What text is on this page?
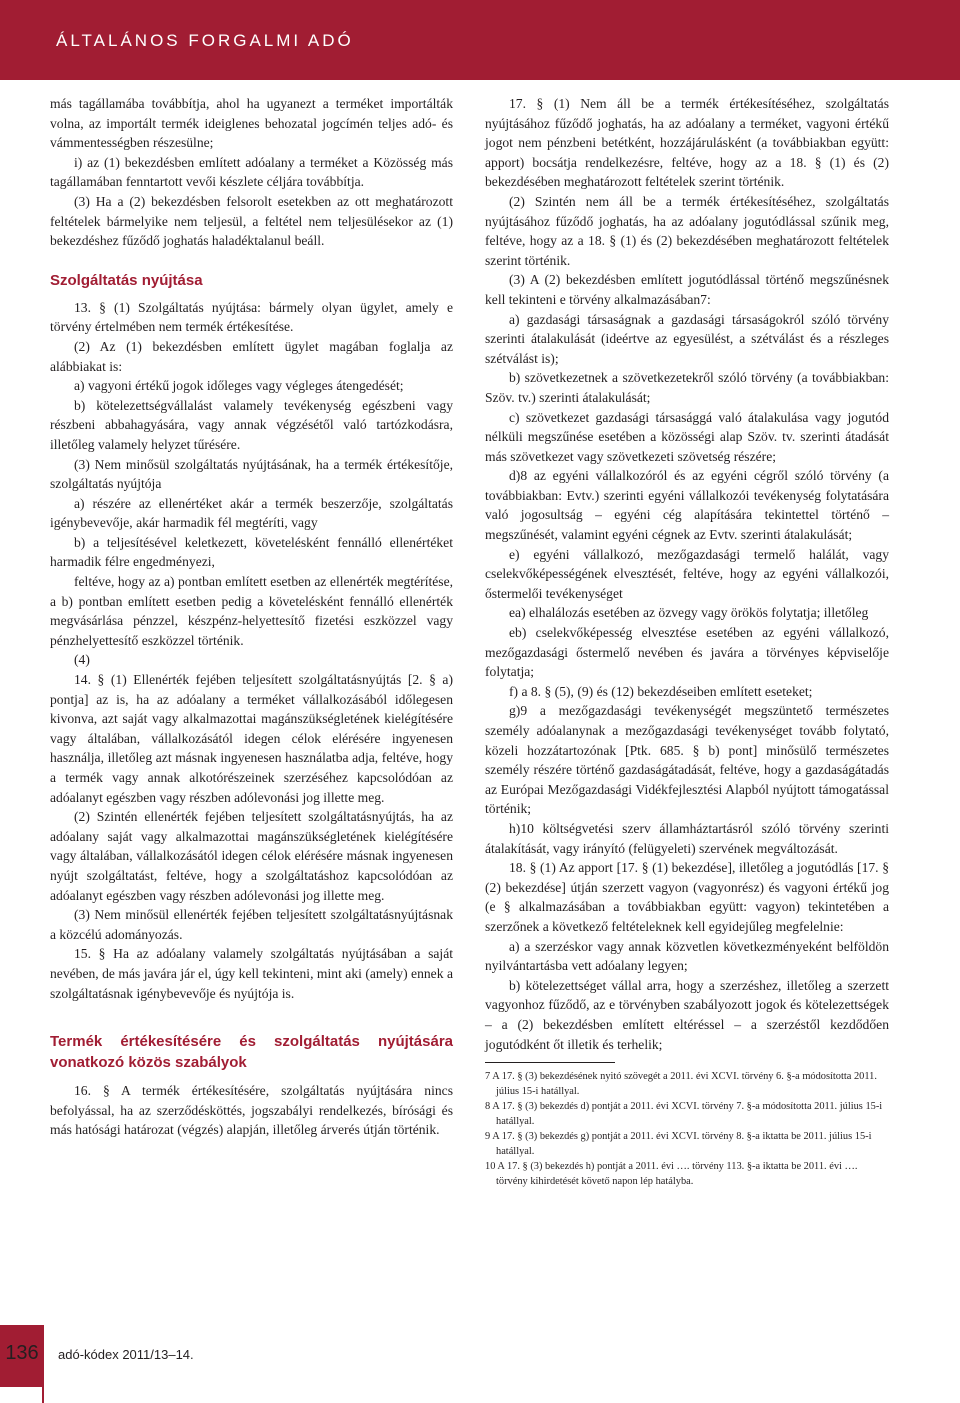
ÁLTALÁNOS FORGALMI ADÓ

más tagállamába továbbítja, ahol ha ugyanezt a terméket importálták volna, az importált termék ideiglenes behozatal jogcímén teljes adó- és vámmentességben részesülne;

i) az (1) bekezdésben említett adóalany a terméket a Közösség más tagállamában fenntartott vevői készlete céljára továbbítja.

(3) Ha a (2) bekezdésben felsorolt esetekben az ott meghatározott feltételek bármelyike nem teljesül, a feltétel nem teljesülésekor az (1) bekezdéshez fűződő joghatás haladéktalanul beáll.

Szolgáltatás nyújtása

13. § (1) Szolgáltatás nyújtása: bármely olyan ügylet, amely e törvény értelmében nem termék értékesítése.

(2) Az (1) bekezdésben említett ügylet magában foglalja az alábbiakat is:

a) vagyoni értékű jogok időleges vagy végleges átengedését;

b) kötelezettségvállalást valamely tevékenység egészbeni vagy részbeni abbahagyására, vagy annak végzésétől való tartózkodásra, illetőleg valamely helyzet tűrésére.

(3) Nem minősül szolgáltatás nyújtásának, ha a termék értékesítője, szolgáltatás nyújtója

a) részére az ellenértéket akár a termék beszerzője, szolgáltatás igénybevevője, akár harmadik fél megtéríti, vagy

b) a teljesítésével keletkezett, követelésként fennálló ellenértéket harmadik félre engedményezi,

feltéve, hogy az a) pontban említett esetben az ellenérték megtérítése, a b) pontban említett esetben pedig a követelésként fennálló ellenérték megvásárlása pénzzel, készpénz-helyettesítő fizetési eszközzel vagy pénzhelyettesítő eszközzel történik.

(4)

14. § (1) Ellenérték fejében teljesített szolgáltatásnyújtás [2. § a) pontja] az is, ha az adóalany a terméket vállalkozásából időlegesen kivonva, azt saját vagy alkalmazottai magánszükségletének kielégítésére vagy általában, vállalkozásától idegen célok elérésére ingyenesen használja, illetőleg azt másnak ingyenesen használatba adja, feltéve, hogy a termék vagy annak alkotórészeinek szerzéséhez kapcsolódóan az adóalanyt egészben vagy részben adólevonási jog illette meg.

(2) Szintén ellenérték fejében teljesített szolgáltatásnyújtás, ha az adóalany saját vagy alkalmazottai magánszükségletének kielégítésére vagy általában, vállalkozásától idegen célok elérésére másnak ingyenesen nyújt szolgáltatást, feltéve, hogy a szolgáltatáshoz kapcsolódóan az adóalanyt egészben vagy részben adólevonási jog illette meg.

(3) Nem minősül ellenérték fejében teljesített szolgáltatásnyújtásnak a közcélú adományozás.

15. § Ha az adóalany valamely szolgáltatás nyújtásában a saját nevében, de más javára jár el, úgy kell tekinteni, mint aki (amely) ennek a szolgáltatásnak igénybevevője és nyújtója is.

Termék értékesítésére és szolgáltatás nyújtására vonatkozó közös szabályok

16. § A termék értékesítésére, szolgáltatás nyújtására nincs befolyással, ha az szerződésköttés, jogszabályi rendelkezés, bírósági és más hatósági határozat (végzés) alapján, illetőleg árverés útján történik.

17. § (1) Nem áll be a termék értékesítéséhez, szolgáltatás nyújtásához fűződő joghatás, ha az adóalany a terméket, vagyoni értékű jogot nem pénzbeni betétként, hozzájárulásként (a továbbiakban együtt: apport) bocsátja rendelkezésre, feltéve, hogy az a 18. § (1) és (2) bekezdésében meghatározott feltételek szerint történik.

(2) Szintén nem áll be a termék értékesítéséhez, szolgáltatás nyújtásához fűződő joghatás, ha az adóalany jogutódlással szűnik meg, feltéve, hogy az a 18. § (1) és (2) bekezdésében meghatározott feltételek szerint történik.

(3) A (2) bekezdésben említett jogutódlással történő megszűnésnek kell tekinteni e törvény alkalmazásában7:

a) gazdasági társaságnak a gazdasági társaságokról szóló törvény szerinti átalakulását (ideértve az egyesülést, a szétválást és a részleges szétválást is);

b) szövetkezetnek a szövetkezetekről szóló törvény (a továbbiakban: Szöv. tv.) szerinti átalakulását;

c) szövetkezet gazdasági társasággá való átalakulása vagy jogutód nélküli megszűnése esetében a közösségi alap Szöv. tv. szerinti átadását más szövetkezet vagy szövetkezeti szövetség részére;

d)8 az egyéni vállalkozóról és az egyéni cégről szóló törvény (a továbbiakban: Evtv.) szerinti egyéni vállalkozói tevékenység folytatására való jogosultság – egyéni cég alapítására tekintettel történő – megszűnését, valamint egyéni cégnek az Evtv. szerinti átalakulását;

e) egyéni vállalkozó, mezőgazdasági termelő halálát, vagy cselekvőképességének elvesztését, feltéve, hogy az egyéni vállalkozói, őstermelői tevékenységet

ea) elhalálozás esetében az özvegy vagy örökös folytatja; illetőleg

eb) cselekvőképesség elvesztése esetében az egyéni vállalkozó, mezőgazdasági őstermelő nevében és javára a törvényes képviselője folytatja;

f) a 8. § (5), (9) és (12) bekezdéseiben említett eseteket;

g)9 a mezőgazdasági tevékenységét megszüntető természetes személy adóalanynak a mezőgazdasági tevékenységet tovább folytató, közeli hozzátartozónak [Ptk. 685. § b) pont] minősülő természetes személy részére történő gazdaságátadását, feltéve, hogy a gazdaságátadás az Európai Mezőgazdasági Vidékfejlesztési Alapból nyújtott támogatással történik;

h)10 költségvetési szerv államháztartásról szóló törvény szerinti átalakítását, vagy irányító (felügyeleti) szervének megváltozását.

18. § (1) Az apport [17. § (1) bekezdése], illetőleg a jogutódlás [17. § (2) bekezdése] útján szerzett vagyon (vagyonrész) és vagyoni értékű jog (e § alkalmazásában a továbbiakban együtt: vagyon) tekintetében a szerzőnek a következő feltételeknek kell egyidejűleg megfelelnie:

a) a szerzéskor vagy annak közvetlen következményeként belföldön nyilvántartásba vett adóalany legyen;

b) kötelezettséget vállal arra, hogy a szerzéshez, illetőleg a szerzett vagyonhoz fűződő, az e törvényben szabályozott jogok és kötelezettségek – a (2) bekezdésben említett eltéréssel – a szerzéstől kezdődően jogutódként őt illetik és terhelik;

7 A 17. § (3) bekezdésének nyitó szövegét a 2011. évi XCVI. törvény 6. §-a módosította 2011. július 15-i hatállyal.

8 A 17. § (3) bekezdés d) pontját a 2011. évi XCVI. törvény 7. §-a módosította 2011. július 15-i hatállyal.

9 A 17. § (3) bekezdés g) pontját a 2011. évi XCVI. törvény 8. §-a iktatta be 2011. július 15-i hatállyal.

10 A 17. § (3) bekezdés h) pontját a 2011. évi …. törvény 113. §-a iktatta be 2011. évi …. törvény kihirdetését követő napon lép hatályba.

136	adó-kódex 2011/13–14.
